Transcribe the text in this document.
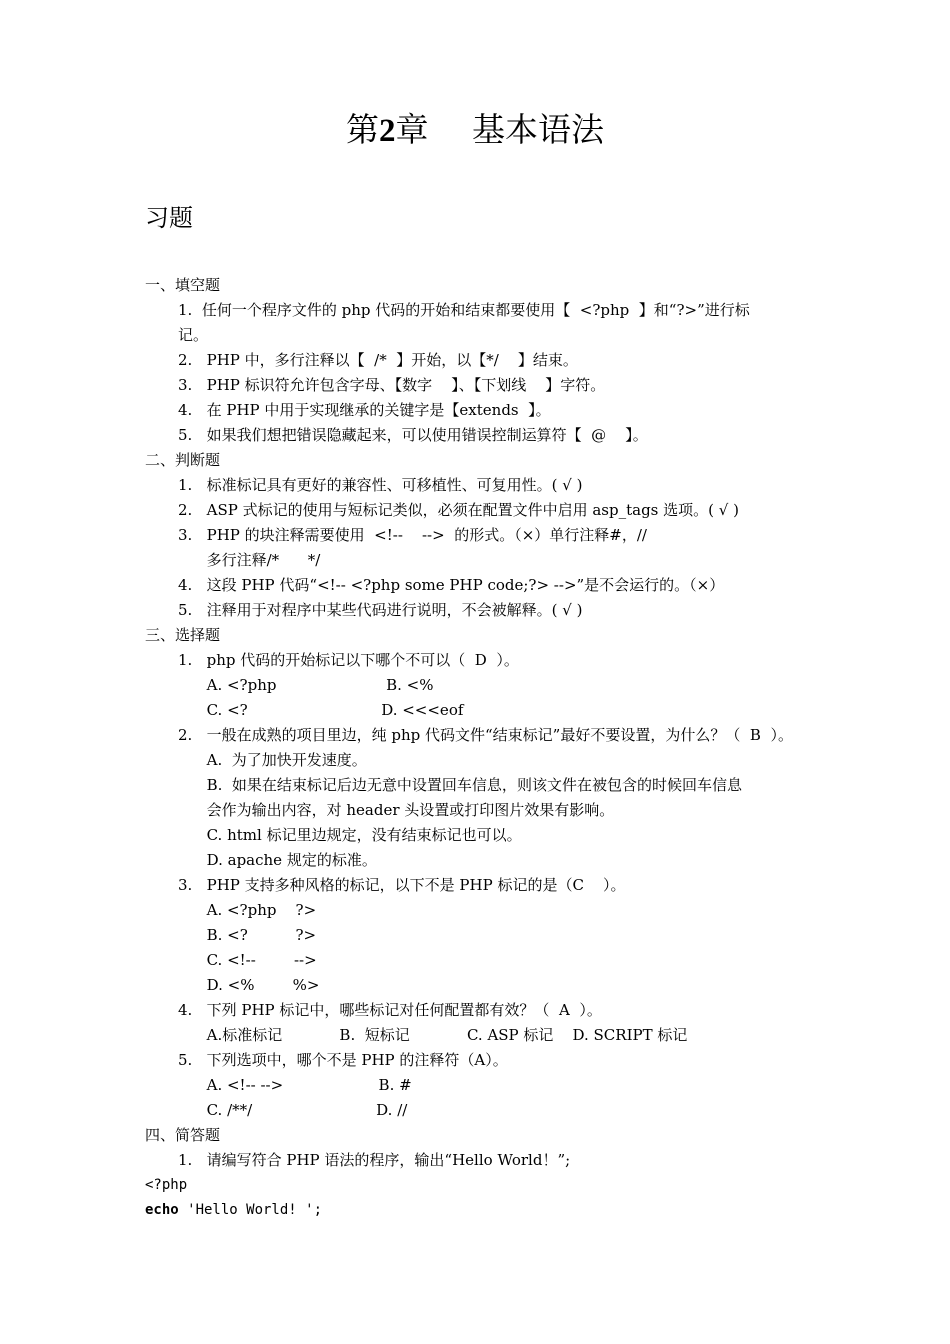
第2章　 基本语法
习题
一、填空题
1.  任何一个程序文件的 php 代码的开始和结束都要使用【  <?php  】和“?>”进行标
记。
2.   PHP 中，多行注释以【  /*  】开始，以【*/    】结束。
3.   PHP 标识符允许包含字母、【数字    】、【下划线    】字符。
4.   在 PHP 中用于实现继承的关键字是【extends  】。
5.   如果我们想把错误隐藏起来，可以使用错误控制运算符【  @    】。
二、判断题
1.   标准标记具有更好的兼容性、可移植性、可复用性。( √ )
2.   ASP 式标记的使用与短标记类似，必须在配置文件中启用 asp_tags 选项。( √ )
3.   PHP 的块注释需要使用  <!--    -->  的形式。（×）单行注释#，//
多行注释/*      */
4.   这段 PHP 代码“<!-- <?php some PHP code;?> -->”是不会运行的。（×）
5.   注释用于对程序中某些代码进行说明，不会被解释。( √ )
三、选择题
1.   php 代码的开始标记以下哪个不可以（  D  ）。
A. <?php                       B. <%
C. <?                            D. <<<eof
2.   一般在成熟的项目里边，纯 php 代码文件“结束标记”最好不要设置，为什么？（  B  ）。
A.  为了加快开发速度。
B.  如果在结束标记后边无意中设置回车信息，则该文件在被包含的时候回车信息
会作为输出内容，对 header 头设置或打印图片效果有影响。
C. html 标记里边规定，没有结束标记也可以。
D. apache 规定的标准。
3.   PHP 支持多种风格的标记，以下不是 PHP 标记的是（C    ）。
A. <?php    ?>
B. <?          ?>
C. <!--        -->
D. <%        %>
4.   下列 PHP 标记中，哪些标记对任何配置都有效？（  A  ）。
A.标准标记            B.  短标记            C. ASP 标记    D. SCRIPT 标记
5.   下列选项中，哪个不是 PHP 的注释符（A）。
A. <!-- -->                    B. #
C. /**/                          D. //
四、简答题
1.   请编写符合 PHP 语法的程序，输出“Hello World！”;
<?php
echo 'Hello World! ';
